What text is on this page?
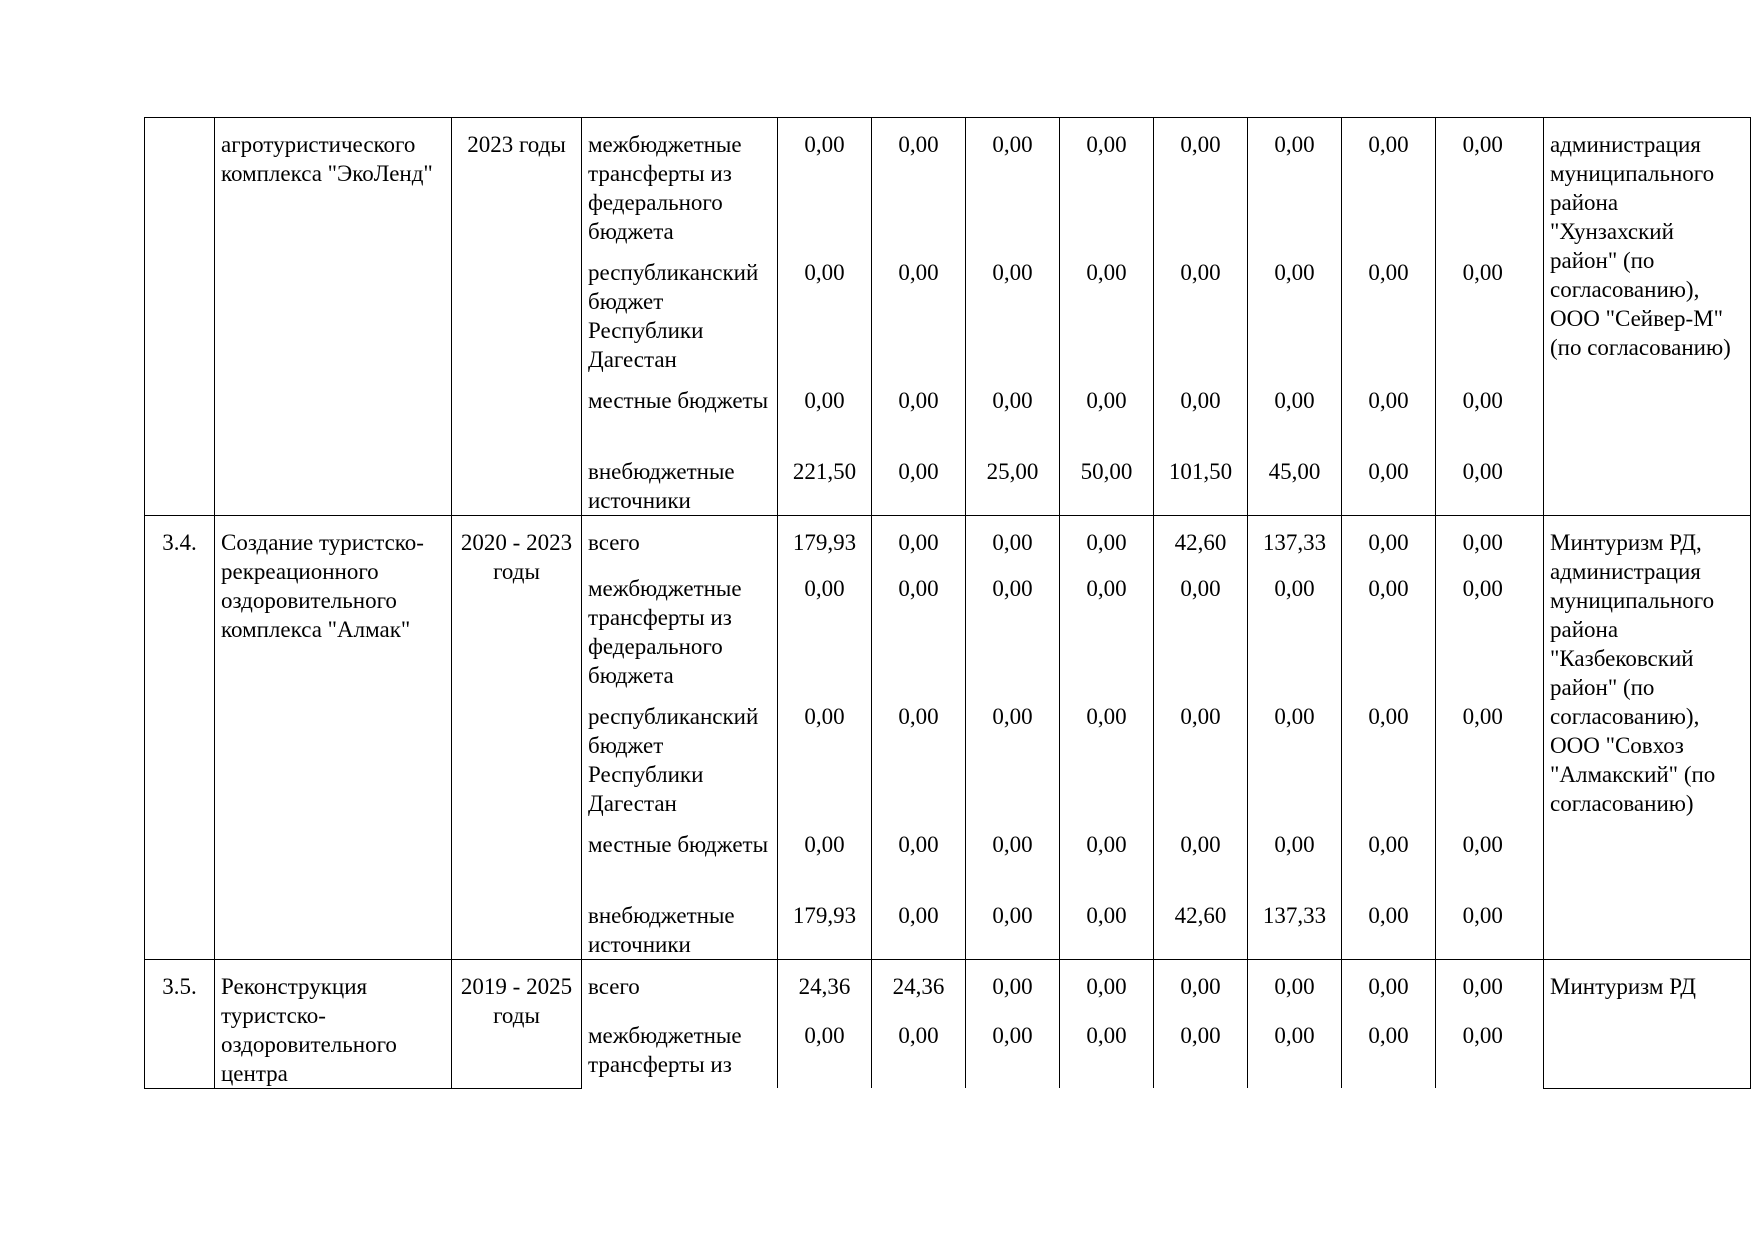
	агротуристического комплекса "ЭкоЛенд"	2023 годы	межбюджетные трансферты из федерального бюджета	0,00	0,00	0,00	0,00	0,00	0,00	0,00	0,00		администрация муниципального района "Хунзахский район" (по согласованию), ООО "Сейвер-М" (по согласованию)

			республиканский бюджет Республики Дагестан	0,00	0,00	0,00	0,00	0,00	0,00	0,00	0,00		

			местные бюджеты	0,00	0,00	0,00	0,00	0,00	0,00	0,00	0,00		

			внебюджетные источники	221,50	0,00	25,00	50,00	101,50	45,00	0,00	0,00		

3.4.	Создание туристско-рекреационного оздоровительного комплекса "Алмак"	2020 - 2023 годы	всего	179,93	0,00	0,00	0,00	42,60	137,33	0,00	0,00		Минтуризм РД, администрация муниципального района "Казбековский район" (по согласованию), ООО "Совхоз "Алмакский" (по согласованию)

			межбюджетные трансферты из федерального бюджета	0,00	0,00	0,00	0,00	0,00	0,00	0,00	0,00		

			республиканский бюджет Республики Дагестан	0,00	0,00	0,00	0,00	0,00	0,00	0,00	0,00		

			местные бюджеты	0,00	0,00	0,00	0,00	0,00	0,00	0,00	0,00		

			внебюджетные источники	179,93	0,00	0,00	0,00	42,60	137,33	0,00	0,00		

3.5.	Реконструкция туристско-оздоровительного центра	2019 - 2025 годы	всего	24,36	24,36	0,00	0,00	0,00	0,00	0,00	0,00		Минтуризм РД

			межбюджетные трансферты из	0,00	0,00	0,00	0,00	0,00	0,00	0,00	0,00		
